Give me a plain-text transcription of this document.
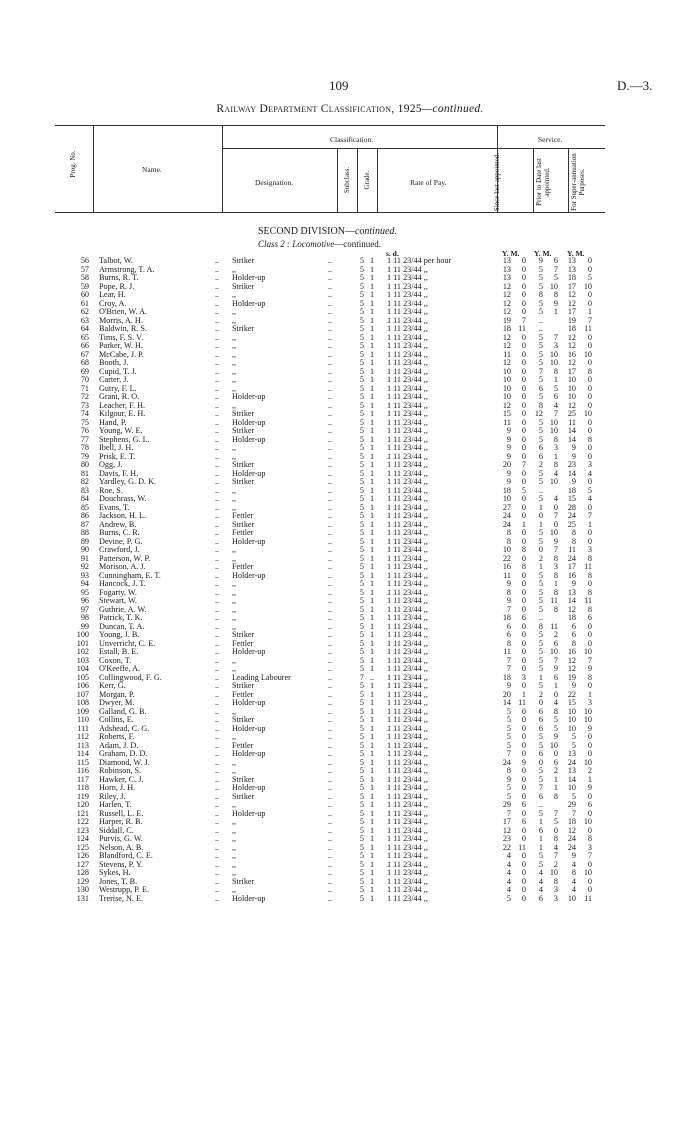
109	D.—3.
Railway Department Classification, 1925—continued.
Prog. No.	Name.
Classification.	Service.
Designation.	Subclass. Grade.	Rate of Pay.	Since last appointed.	Prior to Date last appointed.	For Super-annuation Purposes.
SECOND DIVISION—continued.
Class 2 : Locomotive—continued.
s. d.	Y. M. Y. M. Y. M.
56 Talbot, W.	.. Striker	..	5 1	1 11 23/44 per hour	13	0	9	6	13	0
57 Armstrong, T. A.	.. ,,	..	5 1	1 11 23/44 ,,	13	0	5	7	13	0
58 Burns, R. T.	.. Holder-up	..	5 1	1 11 23/44 ,,	13	0	5	5	18	5
59 Pope, R. J.	.. Striker	..	5 1	1 11 23/44 ,,	12	0	5 10	17 10
60 Lear, H.	.. ,,	..	5 1	1 11 23/44 ,,	12	0	8	8	12	0
61 Croy, A.	.. Holder-up	..	5 1	1 11 23/44 ,,	12	0	5	9	12	0
62 O'Brien, W. A.	.. ,,	..	5 1	1 11 23/44 ,,	12	0	5	1	17	1
63 Morris, A. H.	.. ,,	..	5 1	1 11 23/44 ,,	19	7	..	19	7
64 Baldwin, R. S.	.. Striker	..	5 1	1 11 23/44 ,,	18 11	..	18 11
65 Tims, F. S. V.	.. ,,	..	5 1	1 11 23/44 ,,	12	0	5	7	12	0
66 Parker, W. H.	.. ,,	..	5 1	1 11 23/44 ,,	12	0	5	3	12	0
67 McCabe, J. P.	.. ,,	..	5 1	1 11 23/44 ,,	11	0	5 10	16 10
68 Booth, J.	.. ,,	..	5 1	1 11 23/44 ,,	12	0	5 10	12	0
69 Cupid, T. J.	.. ,,	..	5 1	1 11 23/44 ,,	10	0	7	8	17	8
70 Carter, J.	.. ,,	..	5 1	1 11 23/44 ,,	10	0	5	1	10	0
71 Gutry, F. L.	.. ,,	..	5 1	1 11 23/44 ,,	10	0	6	5	10	0
72 Grant, R. O.	.. Holder-up	..	5 1	1 11 23/44 ,,	10	0	5	6	10	0
73 Leacher, F. H.	.. ,,	..	5 1	1 11 23/44 ,,	12	0	8	4	12	0
74 Kilgour, E. H.	.. Striker	..	5 1	1 11 23/44 ,,	15	0	12	7	25 10
75 Hand, P.	.. Holder-up	..	5 1	1 11 23/44 ,,	11	0	5 10	11	0
76 Young, W. E.	.. Striker	..	5 1	1 11 23/44 ,,	9	0	5 10	14	0
77 Stephens, G. L.	.. Holder-up	..	5 1	1 11 23/44 ,,	9	0	5	8	14	8
78 Ibell, J. H.	.. ,,	..	5 1	1 11 23/44 ,,	9	0	6	3	9	0
79 Prisk, E. T.	.. ,,	..	5 1	1 11 23/44 ,,	9	0	6	1	9	0
80 Ogg, J.	.. Striker	..	5 1	1 11 23/44 ,,	20	7	2	8	23	3
81 Davis, F. H.	.. Holder-up	..	5 1	1 11 23/44 ,,	9	0	5	4	14	4
82 Yardley, G. D. K.	.. Striker	..	5 1	1 11 23/44 ,,	9	0	5 10	9	0
83 Roe, S.	.. ,,	..	5 1	1 11 23/44 ,,	18	5	..	18	5
84 Douchrass, W.	.. ,,	..	5 1	1 11 23/44 ,,	10	0	5	4	15	4
85 Evans, T.	.. ,,	..	5 1	1 11 23/44 ,,	27	0	1	0	28	0
86 Jackson, H. L.	.. Fettler	..	5 1	1 11 23/44 ,,	24	0	0	7	24	7
87 Andrew, B.	.. Striker	..	5 1	1 11 23/44 ,,	24	1	1	0	25	1
88 Burns, C. R.	.. Fettler	..	5 1	1 11 23/44 ,,	8	0	5 10	8	0
89 Devine, P. G.	.. Holder-up	..	5 1	1 11 23/44 ,,	8	0	5	9	8	0
90 Crawford, J.	.. ,,	..	5 1	1 11 23/44 ,,	10	8	0	7	11	3
91 Patterson, W. P.	.. ,,	..	5 1	1 11 23/44 ,,	22	0	2	8	24	8
92 Morison, A. J.	.. Fettler	..	5 1	1 11 23/44 ,,	16	8	1	3	17 11
93 Cunningham, E. T.	.. Holder-up	..	5 1	1 11 23/44 ,,	11	0	5	8	16	8
94 Hancock, J. T.	.. ,,	..	5 1	1 11 23/44 ,,	9	0	5	1	9	0
95 Fogarty, W.	.. ,,	..	5 1	1 11 23/44 ,,	8	0	5	8	13	8
96 Stewart, W.	.. ,,	..	5 1	1 11 23/44 ,,	9	0	5 11	14 11
97 Guthrie, A. W.	.. ,,	..	5 1	1 11 23/44 ,,	7	0	5	8	12	8
98 Patrick, T. K.	.. ,,	..	5 1	1 11 23/44 ,,	18	6	..	18	6
99 Duncan, T. A.	.. ,,	..	5 1	1 11 23/44 ,,	6	0	8 11	6	0
100 Young, J. B.	.. Striker	..	5 1	1 11 23/44 ,,	6	0	5	2	6	0
101 Unverricht, C. E.	.. Fettler	..	5 1	1 11 23/44 ,,	8	0	5	6	8	0
102 Estall, B. E.	.. Holder-up	..	5 1	1 11 23/44 ,,	11	0	5 10	16 10
103 Coxon, T.	.. ,,	..	5 1	1 11 23/44 ,,	7	0	5	7	12	7
104 O'Keeffe, A.	.. ,,	..	5 1	1 11 23/44 ,,	7	0	5	9	12	9
105 Collingwood, F. G.	.. Leading Labourer	..	7 ..	1 11 23/44 ,,	18	3	1	6	19	8
106 Kerr, G.	.. Striker	..	5 1	1 11 23/44 ,,	9	0	5	1	9	0
107 Morgan, P.	.. Fettler	..	5 1	1 11 23/44 ,,	20	1	2	0	22	1
108 Dwyer, M.	.. Holder-up	..	5 1	1 11 23/44 ,,	14 11	0	4	15	3
109 Galland, G. B.	.. ,,	..	5 1	1 11 23/44 ,,	5	0	6	8	10 10
110 Collins, E.	.. Striker	..	5 1	1 11 23/44 ,,	5	0	6	5	10 10
111 Adshead, C. G.	.. Holder-up	..	5 1	1 11 23/44 ,,	5	0	6	5	10	9
112 Roberts, F.	.. ,,	..	5 1	1 11 23/44 ,,	5	0	5	9	5	0
113 Adam, J. D.	.. Fettler	..	5 1	1 11 23/44 ,,	5	0	5 10	5	0
114 Graham, D. D.	.. Holder-up	..	5 1	1 11 23/44 ,,	7	0	6	0	13	0
115 Diamond, W. J.	.. ,,	..	5 1	1 11 23/44 ,,	24	9	0	6	24 10
116 Robinson, S.	.. ,,	..	5 1	1 11 23/44 ,,	8	0	5	2	13	2
117 Hawker, C. J.	.. Striker	..	5 1	1 11 23/44 ,,	9	0	5	1	14	1
118 Horn, J. H.	.. Holder-up	..	5 1	1 11 23/44 ,,	5	0	7	1	10	9
119 Riley, J.	.. Striker	..	5 1	1 11 23/44 ,,	5	0	6	8	5	0
120 Harlen, T.	.. ,,	..	5 1	1 11 23/44 ,,	29	6	..	29	6
121 Russell, L. E.	.. Holder-up	..	5 1	1 11 23/44 ,,	7	0	5	7	7	0
122 Harper, R. B.	.. ,,	..	5 1	1 11 23/44 ,,	17	6	1	5	18 10
123 Siddall, C.	.. ,,	..	5 1	1 11 23/44 ,,	12	0	6	0	12	0
124 Purvis, G. W.	.. ,,	..	5 1	1 11 23/44 ,,	23	0	1	8	24	8
125 Nelson, A. B.	.. ,,	..	5 1	1 11 23/44 ,,	22 11	1	4	24	3
126 Blandford, C. E.	.. ,,	..	5 1	1 11 23/44 ,,	4	0	5	7	9	7
127 Stevens, P. Y.	.. ,,	..	5 1	1 11 23/44 ,,	4	0	5	2	4	0
128 Sykes, H.	.. ,,	..	5 1	1 11 23/44 ,,	4	0	4 10	8 10
129 Jones, T. B.	.. Striker	..	5 1	1 11 23/44 ,,	4	0	4	8	4	0
130 Westrupp, P. E.	.. ,,	..	5 1	1 11 23/44 ,,	4	0	4	3	4	0
131 Trerise, N. E.	.. Holder-up	..	5 1	1 11 23/44 ,,	5	0	6	3	10 11
